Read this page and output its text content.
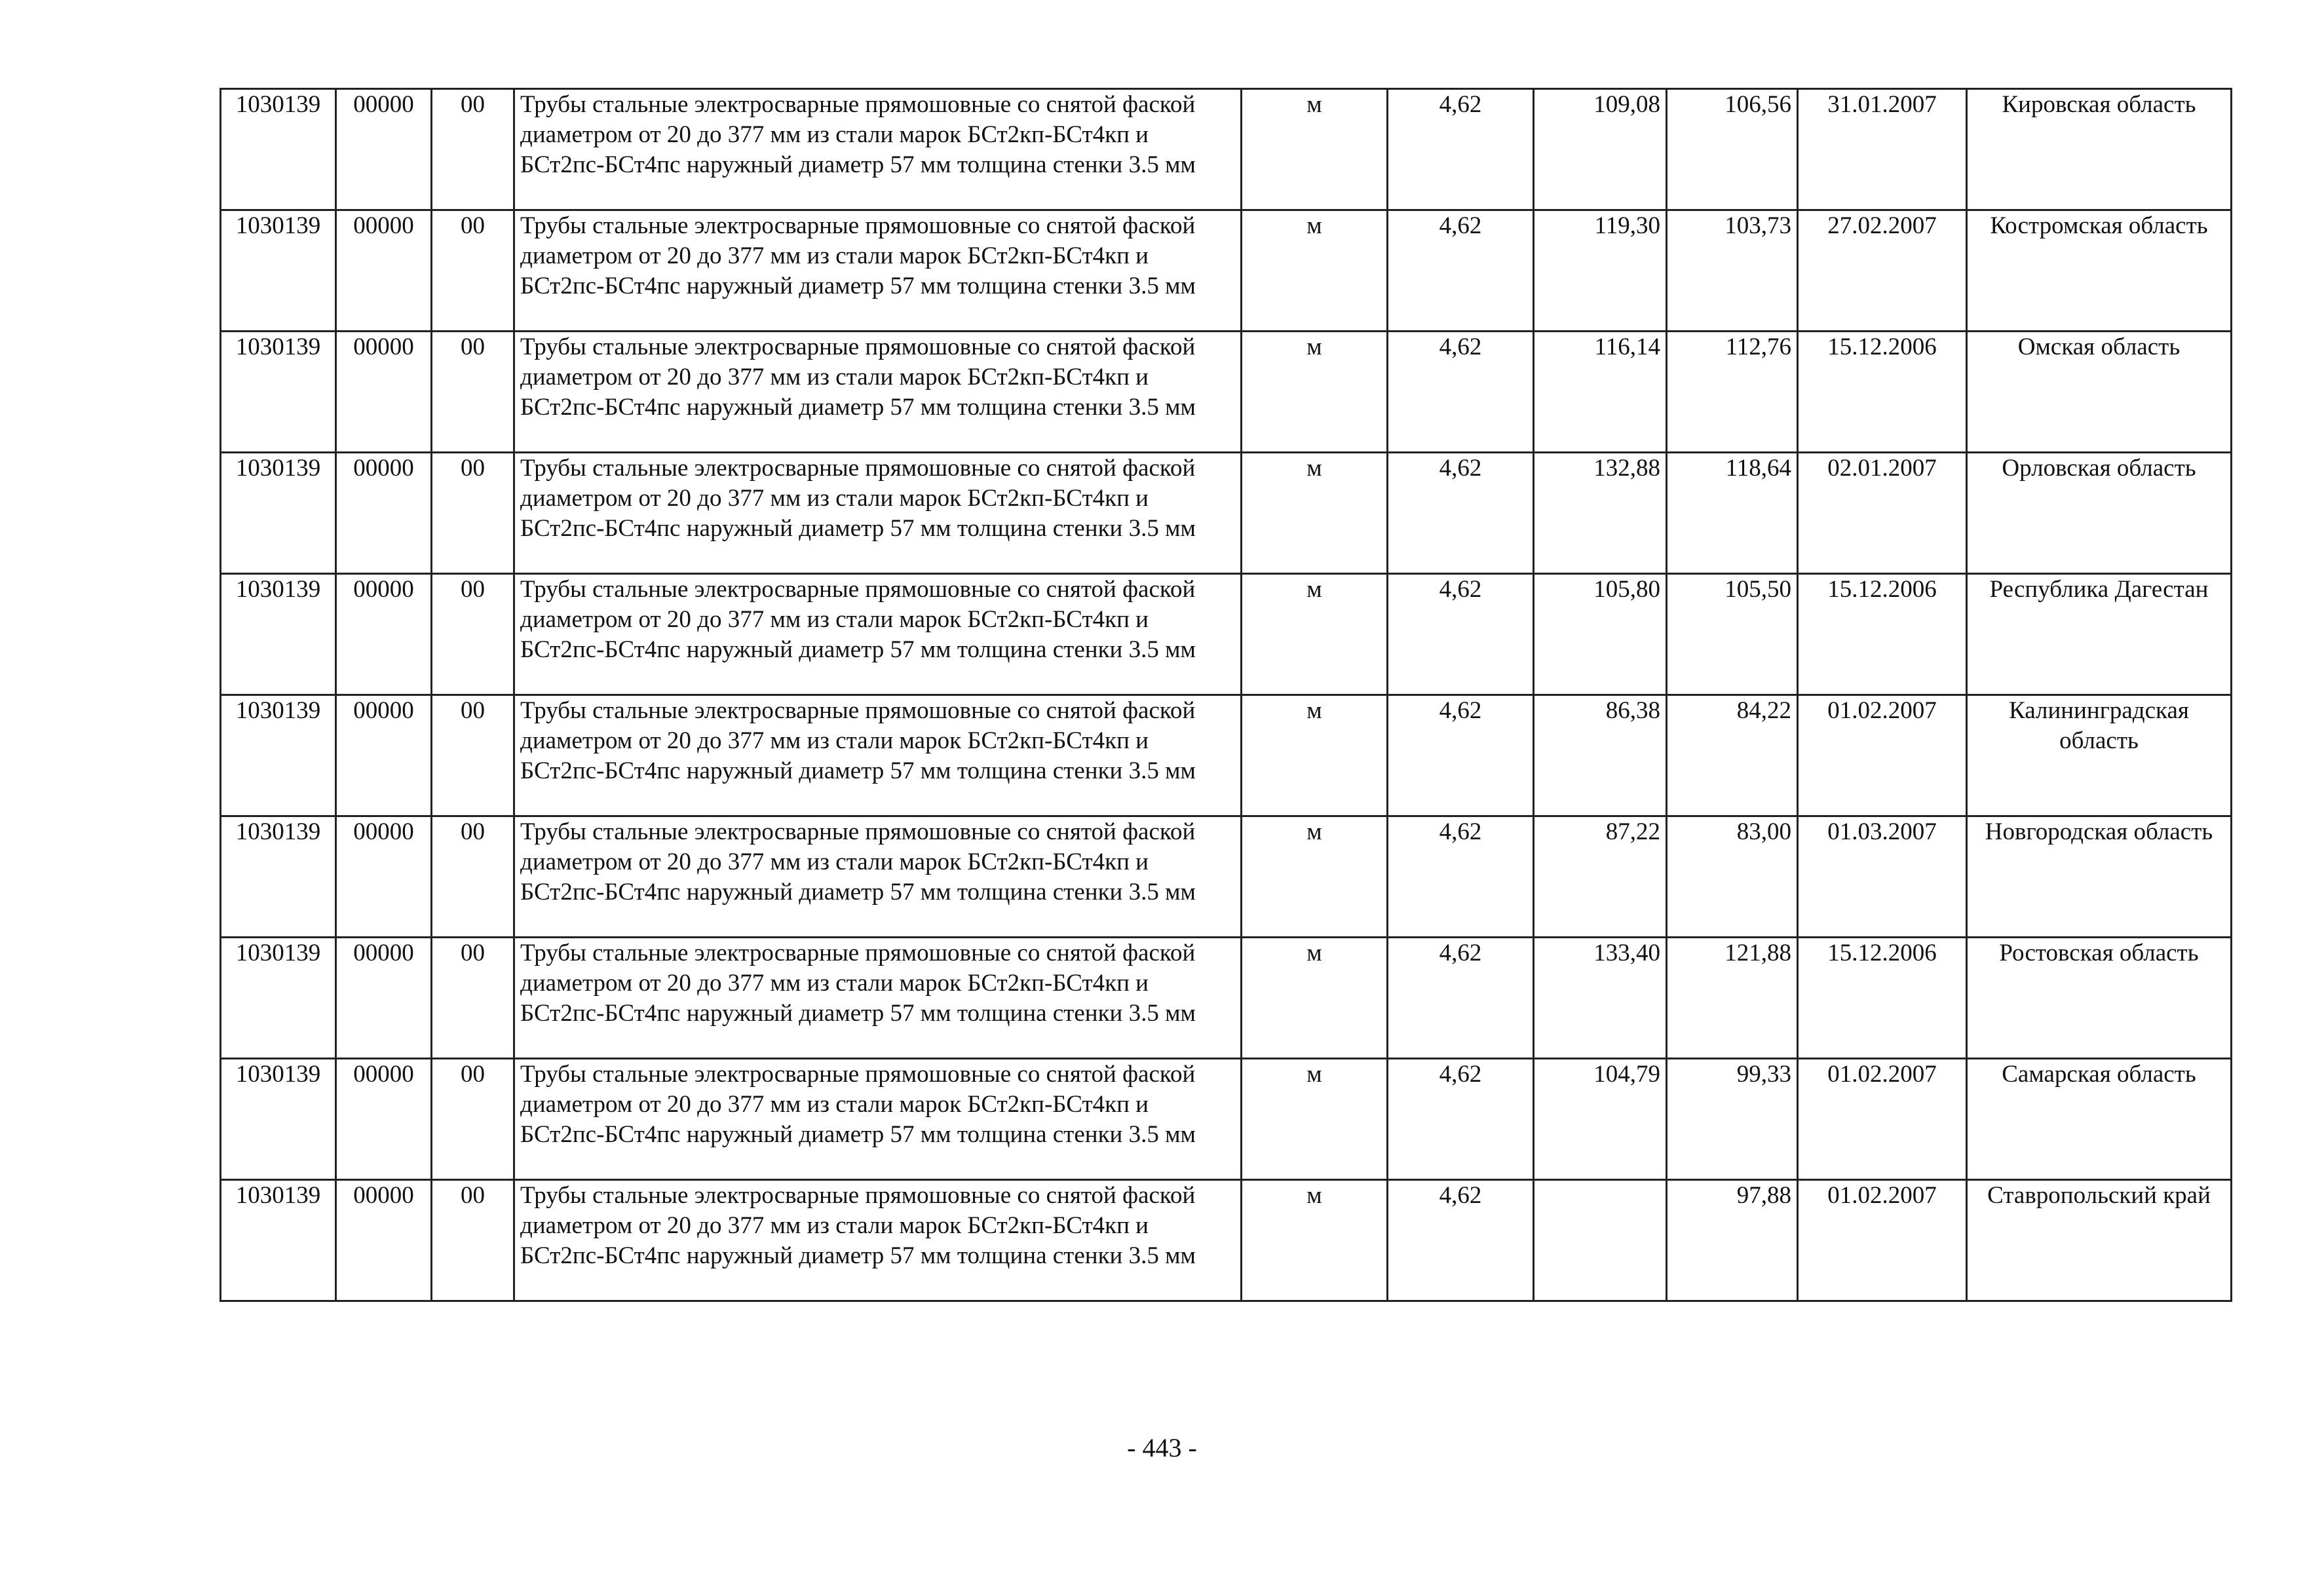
1030139	00000	00	Трубы стальные электросварные прямошовные со снятой фаской диаметром от 20 до 377 мм из стали марок БСт2кп-БСт4кп и БСт2пс-БСт4пс наружный диаметр 57 мм толщина стенки 3.5 мм	м	4,62	109,08	106,56	31.01.2007	Кировская область
1030139	00000	00	Трубы стальные электросварные прямошовные со снятой фаской диаметром от 20 до 377 мм из стали марок БСт2кп-БСт4кп и БСт2пс-БСт4пс наружный диаметр 57 мм толщина стенки 3.5 мм	м	4,62	119,30	103,73	27.02.2007	Костромская область
1030139	00000	00	Трубы стальные электросварные прямошовные со снятой фаской диаметром от 20 до 377 мм из стали марок БСт2кп-БСт4кп и БСт2пс-БСт4пс наружный диаметр 57 мм толщина стенки 3.5 мм	м	4,62	116,14	112,76	15.12.2006	Омская область
1030139	00000	00	Трубы стальные электросварные прямошовные со снятой фаской диаметром от 20 до 377 мм из стали марок БСт2кп-БСт4кп и БСт2пс-БСт4пс наружный диаметр 57 мм толщина стенки 3.5 мм	м	4,62	132,88	118,64	02.01.2007	Орловская область
1030139	00000	00	Трубы стальные электросварные прямошовные со снятой фаской диаметром от 20 до 377 мм из стали марок БСт2кп-БСт4кп и БСт2пс-БСт4пс наружный диаметр 57 мм толщина стенки 3.5 мм	м	4,62	105,80	105,50	15.12.2006	Республика Дагестан
1030139	00000	00	Трубы стальные электросварные прямошовные со снятой фаской диаметром от 20 до 377 мм из стали марок БСт2кп-БСт4кп и БСт2пс-БСт4пс наружный диаметр 57 мм толщина стенки 3.5 мм	м	4,62	86,38	84,22	01.02.2007	Калининградская область
1030139	00000	00	Трубы стальные электросварные прямошовные со снятой фаской диаметром от 20 до 377 мм из стали марок БСт2кп-БСт4кп и БСт2пс-БСт4пс наружный диаметр 57 мм толщина стенки 3.5 мм	м	4,62	87,22	83,00	01.03.2007	Новгородская область
1030139	00000	00	Трубы стальные электросварные прямошовные со снятой фаской диаметром от 20 до 377 мм из стали марок БСт2кп-БСт4кп и БСт2пс-БСт4пс наружный диаметр 57 мм толщина стенки 3.5 мм	м	4,62	133,40	121,88	15.12.2006	Ростовская область
1030139	00000	00	Трубы стальные электросварные прямошовные со снятой фаской диаметром от 20 до 377 мм из стали марок БСт2кп-БСт4кп и БСт2пс-БСт4пс наружный диаметр 57 мм толщина стенки 3.5 мм	м	4,62	104,79	99,33	01.02.2007	Самарская область
1030139	00000	00	Трубы стальные электросварные прямошовные со снятой фаской диаметром от 20 до 377 мм из стали марок БСт2кп-БСт4кп и БСт2пс-БСт4пс наружный диаметр 57 мм толщина стенки 3.5 мм	м	4,62		97,88	01.02.2007	Ставропольский край
- 443 -
